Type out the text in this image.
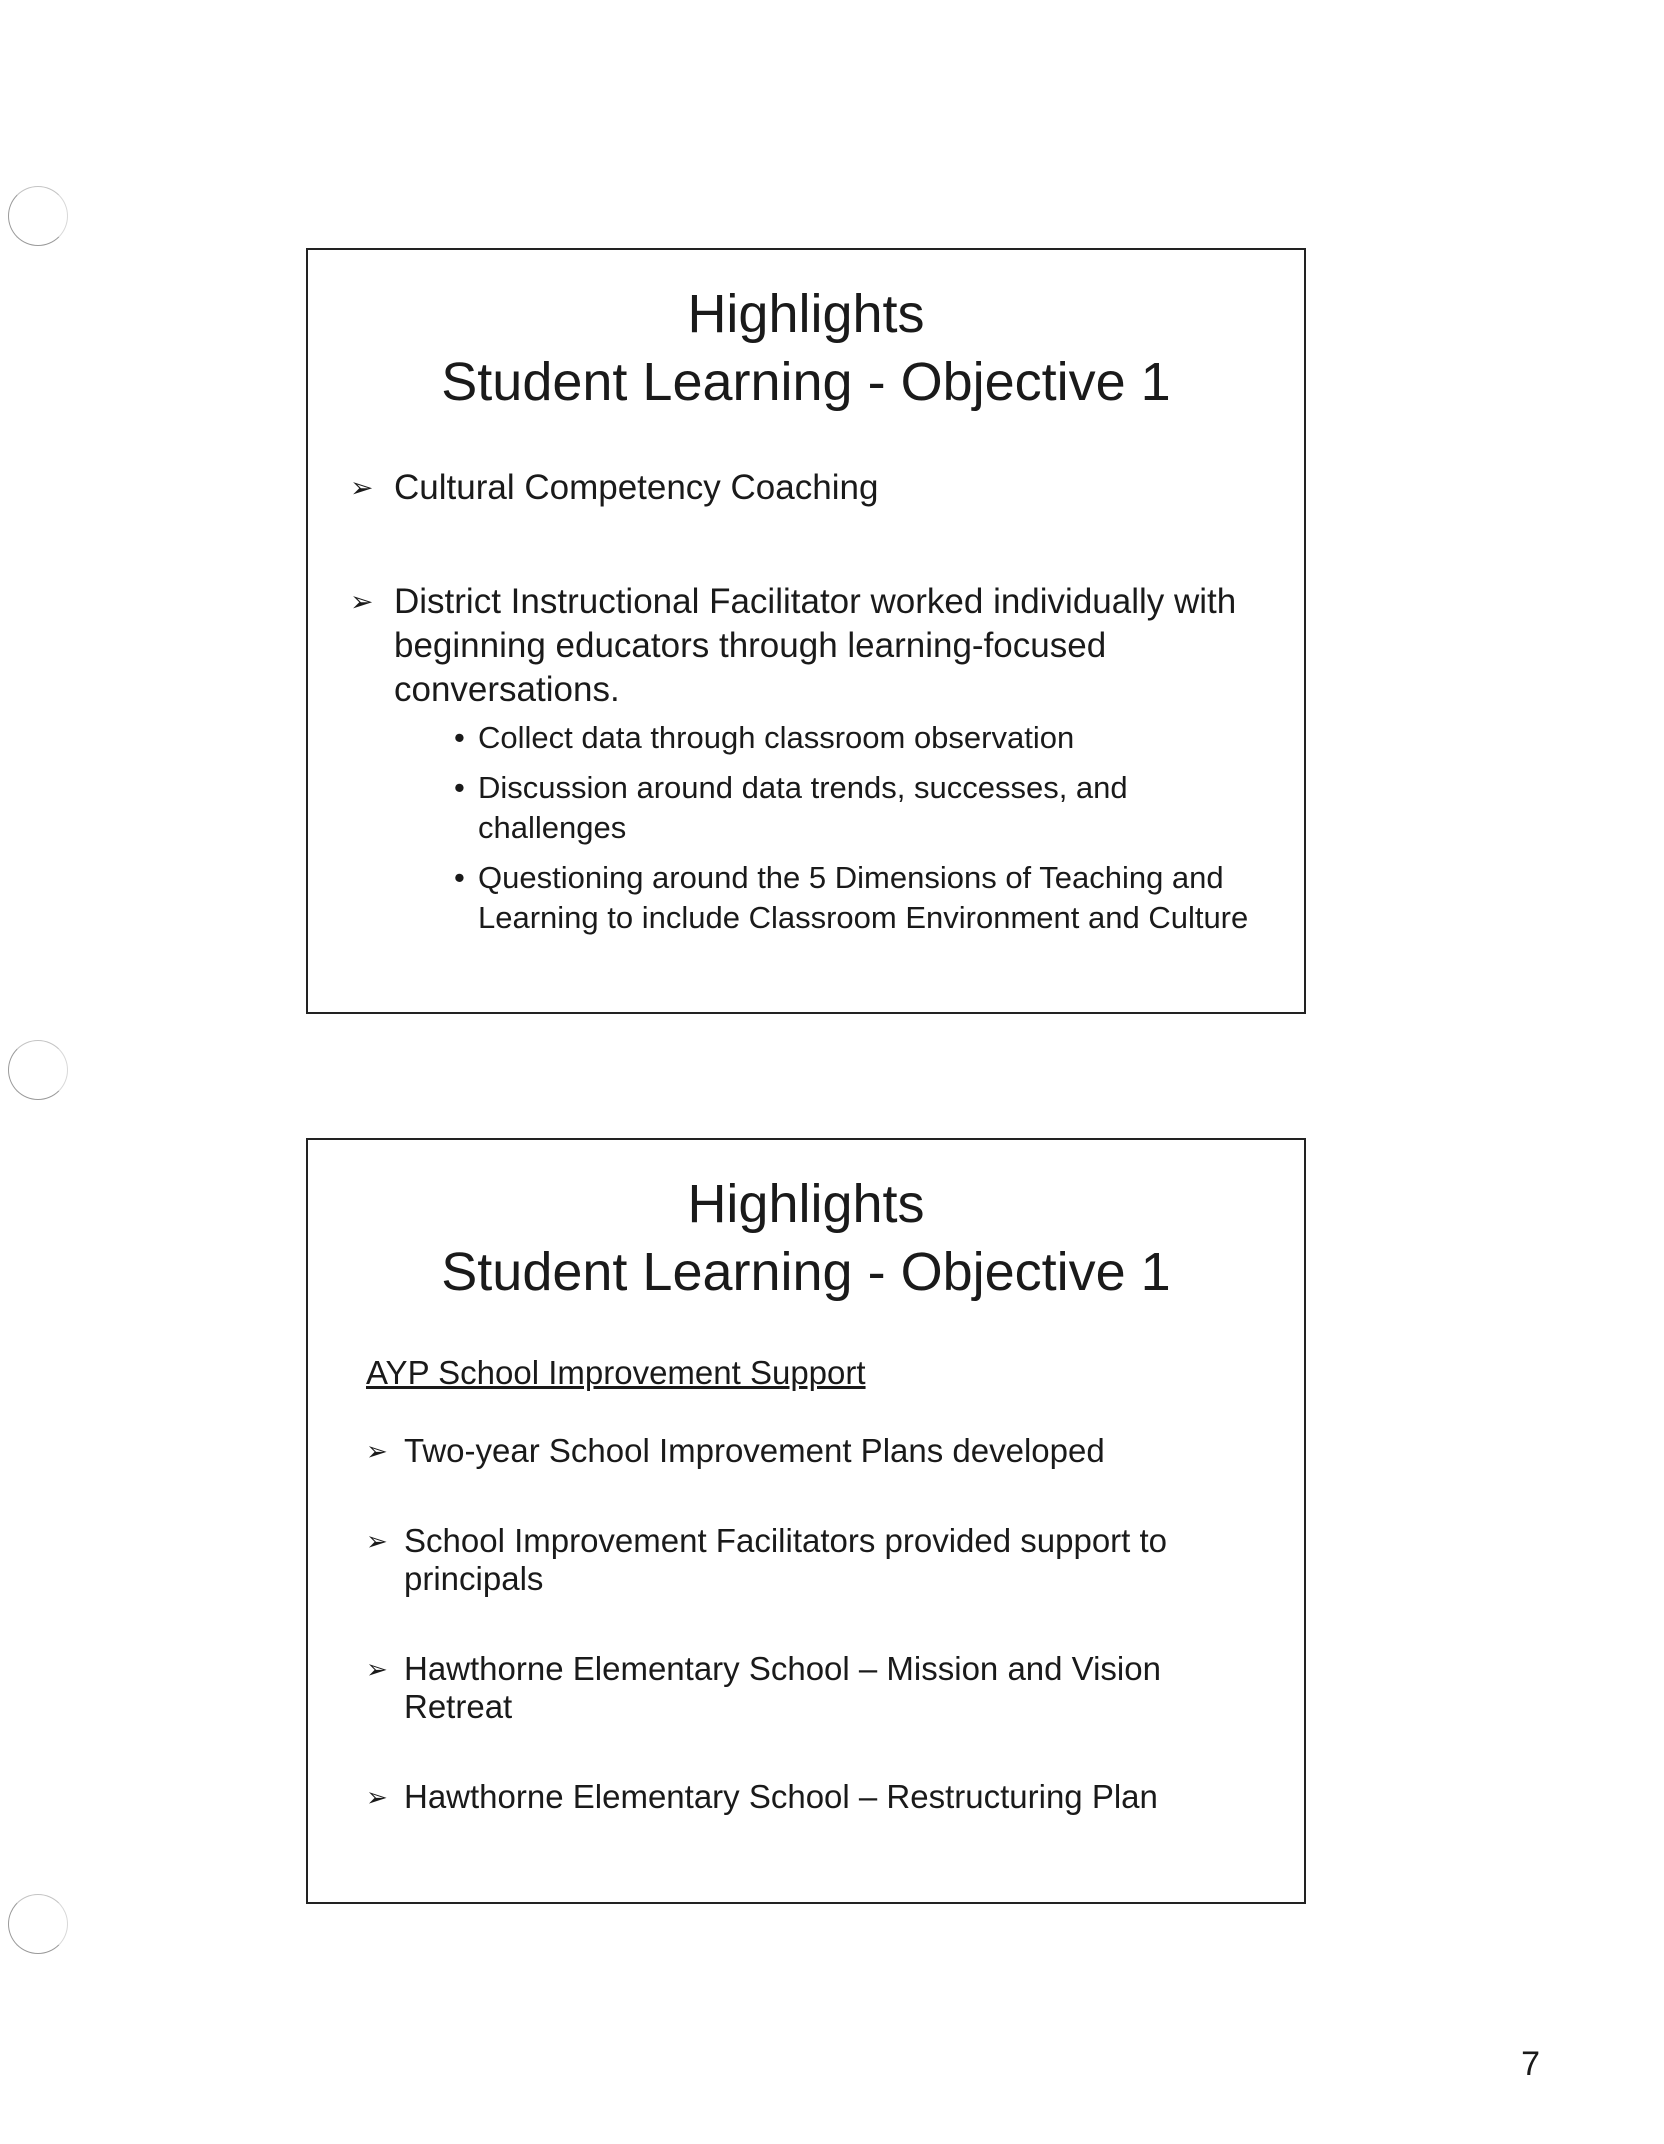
Highlights
Student Learning - Objective 1
➢ Cultural Competency Coaching
➢ District Instructional Facilitator worked individually with beginning educators through learning-focused conversations.
• Collect data through classroom observation
• Discussion around data trends, successes, and challenges
• Questioning around the 5 Dimensions of Teaching and Learning to include Classroom Environment and Culture
Highlights
Student Learning - Objective 1
AYP School Improvement Support
➢ Two-year School Improvement Plans developed
➢ School Improvement Facilitators provided support to principals
➢ Hawthorne Elementary School – Mission and Vision Retreat
➢ Hawthorne Elementary School – Restructuring Plan
7
